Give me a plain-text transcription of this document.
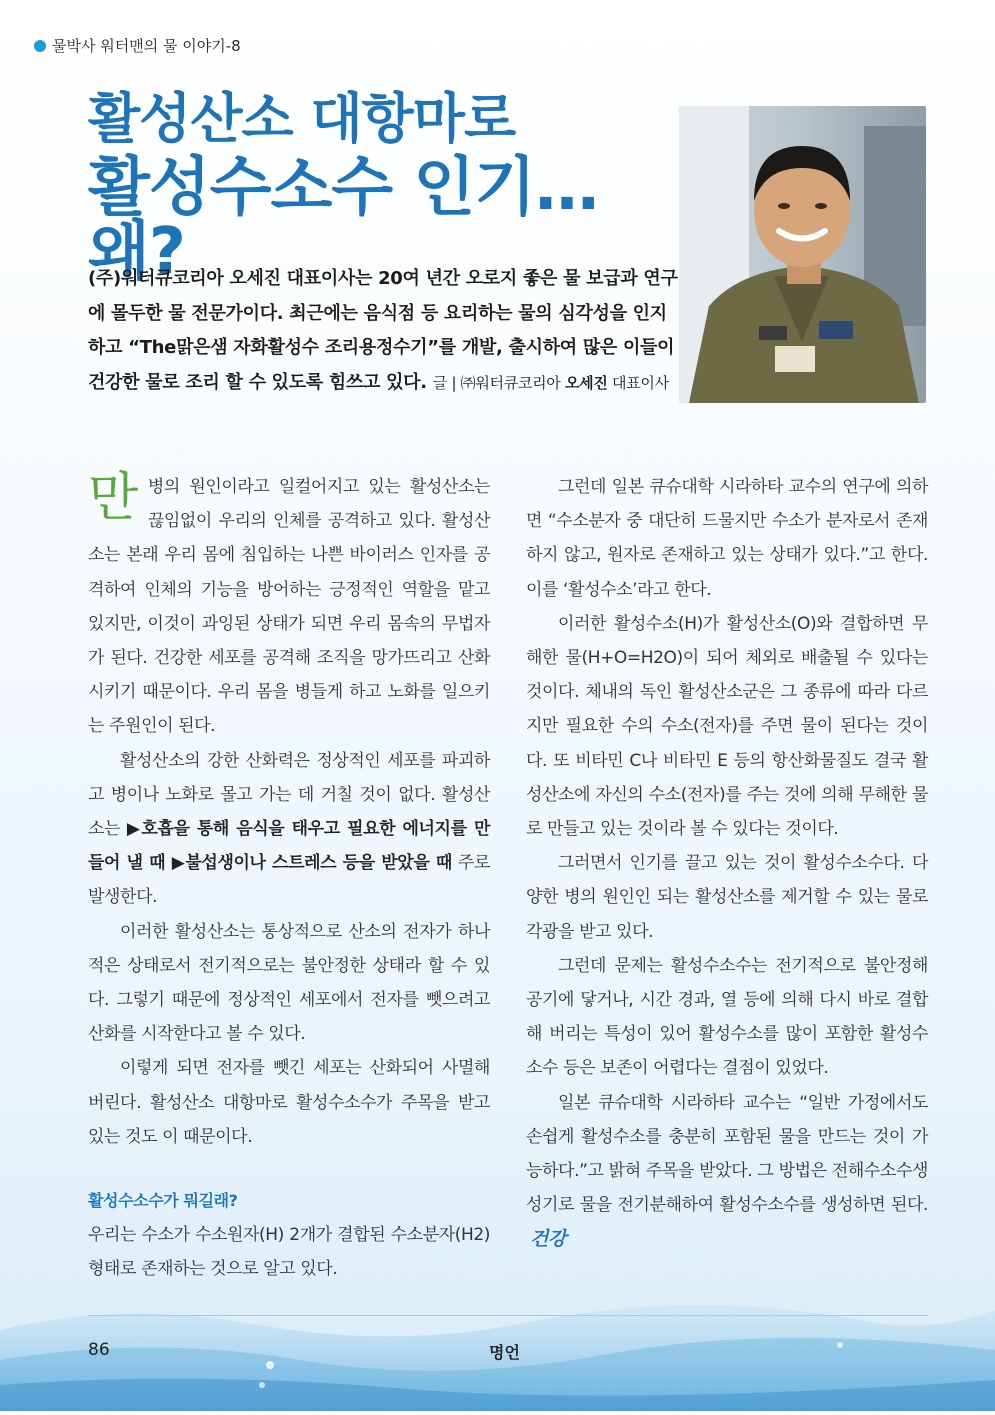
물박사 워터맨의 물 이야기-8
활성산소 대항마로
활성수소수 인기…왜?
(주)워터큐코리아 오세진 대표이사는 20여 년간 오로지 좋은 물 보급과 연구에 몰두한 물 전문가이다. 최근에는 음식점 등 요리하는 물의 심각성을 인지하고 “The맑은샘 자화활성수 조리용정수기”를 개발, 출시하여 많은 이들이 건강한 물로 조리 할 수 있도록 힘쓰고 있다. 글 | ㈜워터큐코리아 오세진 대표이사

만병의 원인이라고 일컬어지고 있는 활성산소는 끊임없이 우리의 인체를 공격하고 있다. 활성산소는 본래 우리 몸에 침입하는 나쁜 바이러스 인자를 공격하여 인체의 기능을 방어하는 긍정적인 역할을 맡고 있지만, 이것이 과잉된 상태가 되면 우리 몸속의 무법자가 된다. 건강한 세포를 공격해 조직을 망가뜨리고 산화시키기 때문이다. 우리 몸을 병들게 하고 노화를 일으키는 주원인이 된다.

활성산소의 강한 산화력은 정상적인 세포를 파괴하고 병이나 노화로 몰고 가는 데 거칠 것이 없다. 활성산소는 ▶호흡을 통해 음식을 태우고 필요한 에너지를 만들어 낼 때 ▶불섭생이나 스트레스 등을 받았을 때 주로 발생한다.

이러한 활성산소는 통상적으로 산소의 전자가 하나 적은 상태로서 전기적으로는 불안정한 상태라 할 수 있다. 그렇기 때문에 정상적인 세포에서 전자를 뺏으려고 산화를 시작한다고 볼 수 있다.

이렇게 되면 전자를 뺏긴 세포는 산화되어 사멸해 버린다. 활성산소 대항마로 활성수소수가 주목을 받고 있는 것도 이 때문이다.

활성수소수가 뭐길래?

우리는 수소가 수소원자(H) 2개가 결합된 수소분자(H2) 형태로 존재하는 것으로 알고 있다.

그런데 일본 큐슈대학 시라하타 교수의 연구에 의하면 “수소분자 중 대단히 드물지만 수소가 분자로서 존재하지 않고, 원자로 존재하고 있는 상태가 있다.”고 한다. 이를 ‘활성수소’라고 한다.

이러한 활성수소(H)가 활성산소(O)와 결합하면 무해한 물(H+O=H2O)이 되어 체외로 배출될 수 있다는 것이다. 체내의 독인 활성산소군은 그 종류에 따라 다르지만 필요한 수의 수소(전자)를 주면 물이 된다는 것이다. 또 비타민 C나 비타민 E 등의 항산화물질도 결국 활성산소에 자신의 수소(전자)를 주는 것에 의해 무해한 물로 만들고 있는 것이라 볼 수 있다는 것이다.

그러면서 인기를 끌고 있는 것이 활성수소수다. 다양한 병의 원인인 되는 활성산소를 제거할 수 있는 물로 각광을 받고 있다.

그런데 문제는 활성수소수는 전기적으로 불안정해 공기에 닿거나, 시간 경과, 열 등에 의해 다시 바로 결합해 버리는 특성이 있어 활성수소를 많이 포함한 활성수소수 등은 보존이 어렵다는 결점이 있었다.

일본 큐슈대학 시라하타 교수는 “일반 가정에서도 손쉽게 활성수소를 충분히 포함된 물을 만드는 것이 가능하다.”고 밝혀 주목을 받았다. 그 방법은 전해수소수생성기로 물을 전기분해하여 활성수소수를 생성하면 된다.건강

86	명언
